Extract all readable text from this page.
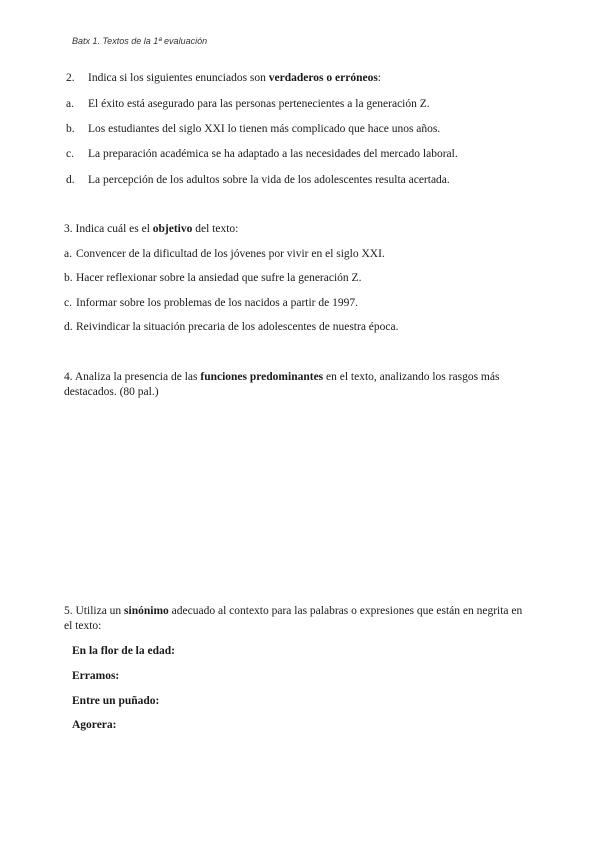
Batx 1. Textos de la 1ª evaluación
2. Indica si los siguientes enunciados son verdaderos o erróneos:
a. El éxito está asegurado para las personas pertenecientes a la generación Z.
b. Los estudiantes del siglo XXI lo tienen más complicado que hace unos años.
c. La preparación académica se ha adaptado a las necesidades del mercado laboral.
d. La percepción de los adultos sobre la vida de los adolescentes resulta acertada.
3. Indica cuál es el objetivo del texto:
a. Convencer de la dificultad de los jóvenes por vivir en el siglo XXI.
b. Hacer reflexionar sobre la ansiedad que sufre la generación Z.
c. Informar sobre los problemas de los nacidos a partir de 1997.
d. Reivindicar la situación precaria de los adolescentes de nuestra época.
4. Analiza la presencia de las funciones predominantes en el texto, analizando los rasgos más destacados. (80 pal.)
5. Utiliza un sinónimo adecuado al contexto para las palabras o expresiones que están en negrita en el texto:
En la flor de la edad:
Erramos:
Entre un puñado:
Agorera:
